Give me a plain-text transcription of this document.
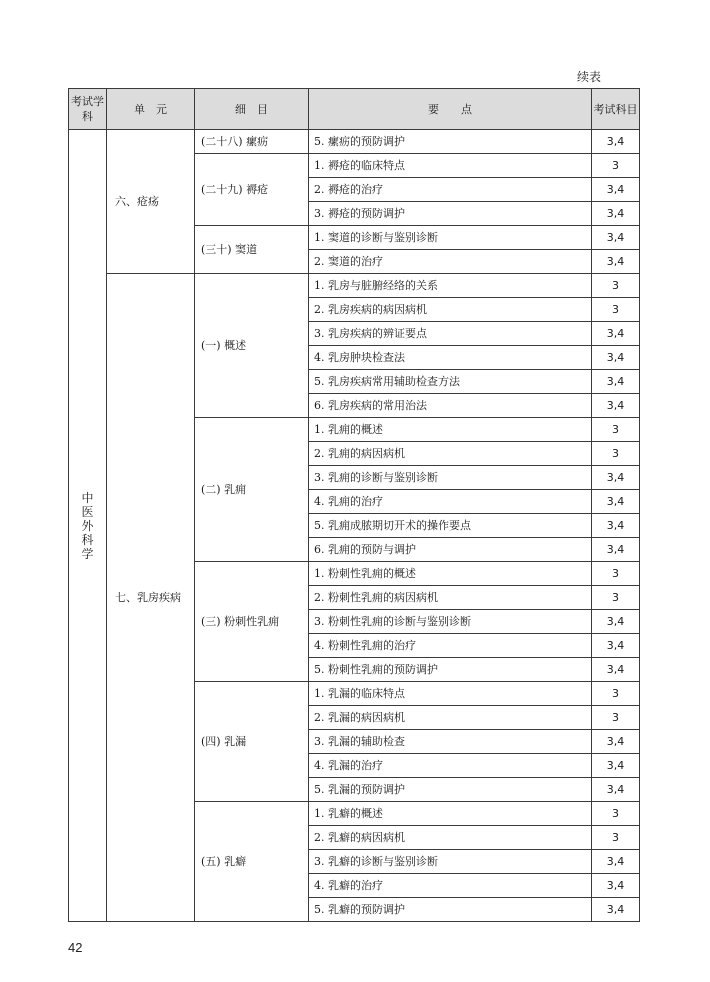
续表
考试学科	单　元	细　目	要　　点	考试科目
中医外科学	六、疮疡	(二十八) 瘰疬	5. 瘰疬的预防调护	3,4
		(二十九) 褥疮	1. 褥疮的临床特点	3
			2. 褥疮的治疗	3,4
			3. 褥疮的预防调护	3,4
		(三十) 窦道	1. 窦道的诊断与鉴别诊断	3,4
			2. 窦道的治疗	3,4
	七、乳房疾病	(一) 概述	1. 乳房与脏腑经络的关系	3
			2. 乳房疾病的病因病机	3
			3. 乳房疾病的辨证要点	3,4
			4. 乳房肿块检查法	3,4
			5. 乳房疾病常用辅助检查方法	3,4
			6. 乳房疾病的常用治法	3,4
		(二) 乳痈	1. 乳痈的概述	3
			2. 乳痈的病因病机	3
			3. 乳痈的诊断与鉴别诊断	3,4
			4. 乳痈的治疗	3,4
			5. 乳痈成脓期切开术的操作要点	3,4
			6. 乳痈的预防与调护	3,4
		(三) 粉刺性乳痈	1. 粉刺性乳痈的概述	3
			2. 粉刺性乳痈的病因病机	3
			3. 粉刺性乳痈的诊断与鉴别诊断	3,4
			4. 粉刺性乳痈的治疗	3,4
			5. 粉刺性乳痈的预防调护	3,4
		(四) 乳漏	1. 乳漏的临床特点	3
			2. 乳漏的病因病机	3
			3. 乳漏的辅助检查	3,4
			4. 乳漏的治疗	3,4
			5. 乳漏的预防调护	3,4
		(五) 乳癖	1. 乳癖的概述	3
			2. 乳癖的病因病机	3
			3. 乳癖的诊断与鉴别诊断	3,4
			4. 乳癖的治疗	3,4
			5. 乳癖的预防调护	3,4
42
